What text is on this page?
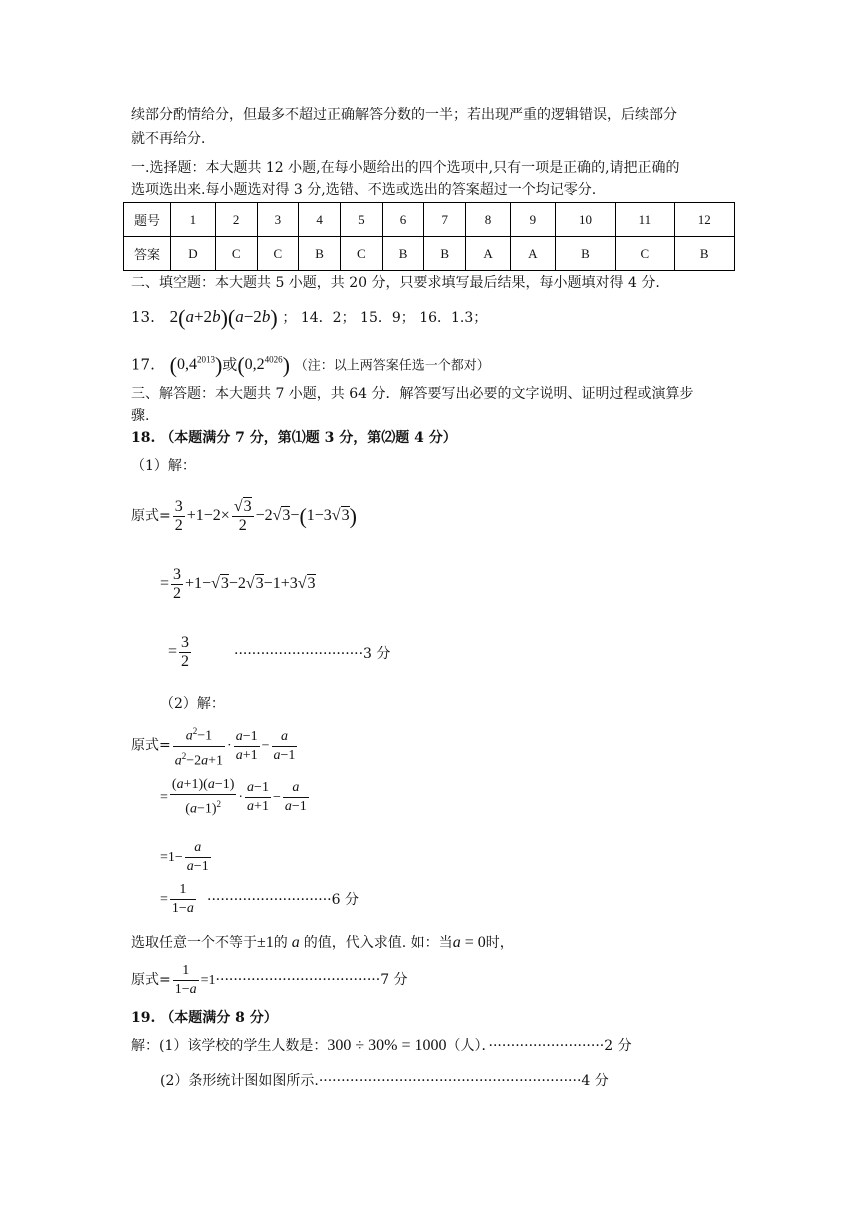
续部分酌情给分，但最多不超过正确解答分数的一半；若出现严重的逻辑错误，后续部分
就不再给分．
一.选择题：本大题共 12 小题,在每小题给出的四个选项中,只有一项是正确的,请把正确的
选项选出来.每小题选对得 3 分,选错、不选或选出的答案超过一个均记零分.
题号	1	2	3	4	5	6	7	8	9	10	11	12
答案	D	C	C	B	C	B	B	A	A	B	C	B
二、填空题：本大题共 5 小题，共 20 分，只要求填写最后结果，每小题填对得 4 分.
13. 2(a+2b)(a−2b) ； 14．2； 15．9； 16．1.3；
17. $(0,4^{2013})$或$(0,2^{4026})$ （注：以上两答案任选一个都对）
三、解答题：本大题共 7 小题，共 64 分．解答要写出必要的文字说明、证明过程或演算步
骤.
18. （本题满分 7 分，第⑴题 3 分，第⑵题 4 分）
（1）解：
原式= $\frac{3}{2} +1-2\times \frac{√3}{2} -2√3-(1-3√3)$
= $\frac{3}{2} +1-√3-2√3-1+3√3$
= $\frac{3}{2}$	·····························3 分
（2）解：
原式= $\frac{a^2-1}{a^2-2a+1} \cdot \frac{a-1}{a+1} - \frac{a}{a-1}$
= $\frac{(a+1)(a-1)}{(a-1)^2} \cdot \frac{a-1}{a+1} - \frac{a}{a-1}$
$=1- \frac{a}{a-1}$
= $\frac{1}{1-a} \cdot\cdot\cdot\cdot\cdot\cdot\cdot\cdot\cdot\cdot\cdot\cdot\cdot\cdot\cdot\cdot\cdot\cdot\cdot\cdot\cdot\cdot\cdot\cdot\cdot\cdot\cdot\cdot 6$ 分
选取任意一个不等于±1的 a 的值，代入求值. 如：当a = 0时，
原式= $\frac{1}{1-a} =1\cdot\cdot\cdot\cdot\cdot\cdot\cdot\cdot\cdot\cdot\cdot\cdot\cdot\cdot\cdot\cdot\cdot\cdot\cdot\cdot\cdot\cdot\cdot\cdot\cdot\cdot\cdot\cdot\cdot\cdot\cdot\cdot\cdot\cdot\cdot\cdot\cdot 7$ 分
19. （本题满分 8 分）
解：(1）该学校的学生人数是：300 ÷ 30% = 1000（人）．··························2 分
(2）条形统计图如图所示.···························································4 分
